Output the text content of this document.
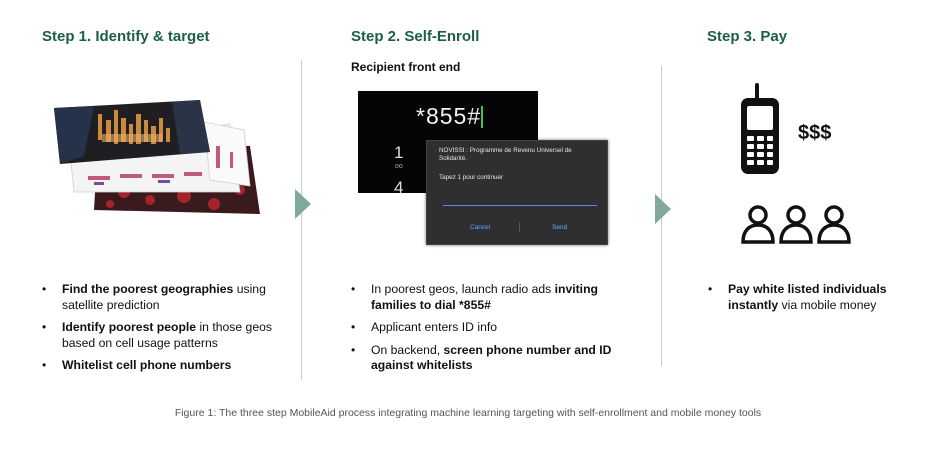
Step 1. Identify & target	Step 2. Self-Enroll	Step 3. Pay
Recipient front end
*855#
1
oo
4
NOVISSI : Programme de Revenu Universel de Solidarité.
Tapez 1 pour continuer
Cancel	Send
$$$
• Find the poorest geographies using satellite prediction
• Identify poorest people in those geos based on cell usage patterns
• Whitelist cell phone numbers
• In poorest geos, launch radio ads inviting families to dial *855#
• Applicant enters ID info
• On backend, screen phone number and ID against whitelists
• Pay white listed individuals instantly via mobile money
Figure 1: The three step MobileAid process integrating machine learning targeting with self-enrollment and mobile money tools
